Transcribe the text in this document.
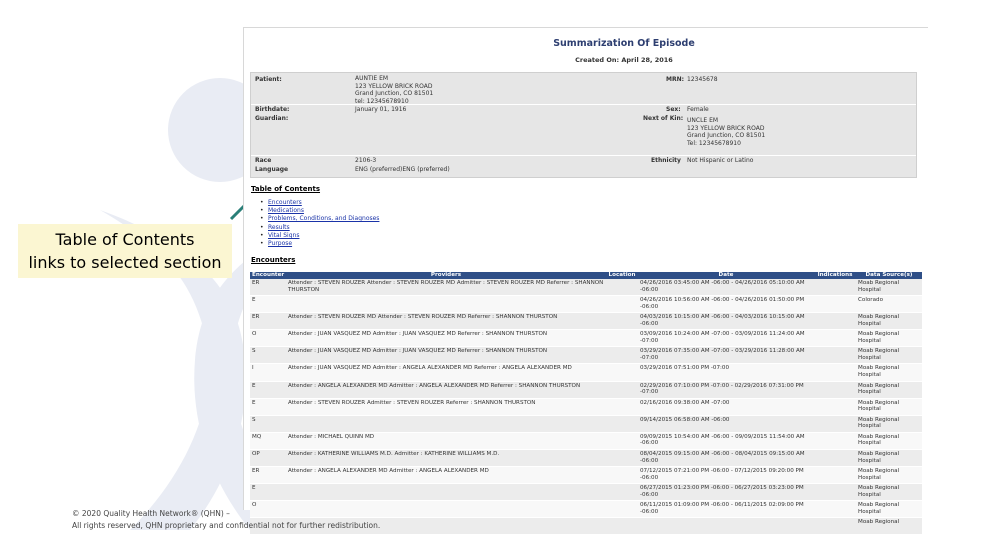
Table of Contents
links to selected section
Summarization Of Episode
Created On: April 28, 2016
Patient:	AUNTIE EM
123 YELLOW BRICK ROAD
Grand Junction, CO 81501
tel: 12345678910
MRN: 12345678
Birthdate:	January 01, 1916	Sex: Female
Guardian:	Next of Kin: UNCLE EM
123 YELLOW BRICK ROAD
Grand Junction, CO 81501
Tel: 12345678910
Race	2106-3	Ethnicity Not Hispanic or Latino
Language	ENG (preferred)ENG (preferred)
Table of Contents
• Encounters
• Medications
• Problems, Conditions, and Diagnoses
• Results
• Vital Signs
• Purpose
Encounters
Encounter	Providers	Location	Date	Indications	Data Source(s)
ER	Attender : STEVEN ROUZER Attender : STEVEN ROUZER MD Admitter : STEVEN ROUZER MD Referrer : SHANNON THURSTON		04/26/2016 03:45:00 AM -06:00 - 04/26/2016 05:10:00 AM -06:00		Moab Regional Hospital
E			04/26/2016 10:56:00 AM -06:00 - 04/26/2016 01:50:00 PM -06:00		Colorado
ER	Attender : STEVEN ROUZER MD Attender : STEVEN ROUZER MD Referrer : SHANNON THURSTON		04/03/2016 10:15:00 AM -06:00 - 04/03/2016 10:15:00 AM -06:00		Moab Regional Hospital
O	Attender : JUAN VASQUEZ MD Admitter : JUAN VASQUEZ MD Referrer : SHANNON THURSTON		03/09/2016 10:24:00 AM -07:00 - 03/09/2016 11:24:00 AM -07:00		Moab Regional Hospital
S	Attender : JUAN VASQUEZ MD Admitter : JUAN VASQUEZ MD Referrer : SHANNON THURSTON		03/29/2016 07:35:00 AM -07:00 - 03/29/2016 11:28:00 AM -07:00		Moab Regional Hospital
I	Attender : JUAN VASQUEZ MD Admitter : ANGELA ALEXANDER MD Referrer : ANGELA ALEXANDER MD		03/29/2016 07:51:00 PM -07:00		Moab Regional Hospital
E	Attender : ANGELA ALEXANDER MD Admitter : ANGELA ALEXANDER MD Referrer : SHANNON THURSTON		02/29/2016 07:10:00 PM -07:00 - 02/29/2016 07:31:00 PM -07:00		Moab Regional Hospital
E	Attender : STEVEN ROUZER Admitter : STEVEN ROUZER Referrer : SHANNON THURSTON		02/16/2016 09:38:00 AM -07:00		Moab Regional Hospital
S			09/14/2015 06:58:00 AM -06:00		Moab Regional Hospital
MQ	Attender : MICHAEL QUINN MD		09/09/2015 10:54:00 AM -06:00 - 09/09/2015 11:54:00 AM -06:00		Moab Regional Hospital
OP	Attender : KATHERINE WILLIAMS M.D. Admitter : KATHERINE WILLIAMS M.D.		08/04/2015 09:15:00 AM -06:00 - 08/04/2015 09:15:00 AM -06:00		Moab Regional Hospital
ER	Attender : ANGELA ALEXANDER MD Admitter : ANGELA ALEXANDER MD		07/12/2015 07:21:00 PM -06:00 - 07/12/2015 09:20:00 PM -06:00		Moab Regional Hospital
E			06/27/2015 01:23:00 PM -06:00 - 06/27/2015 03:23:00 PM -06:00		Moab Regional Hospital
O			06/11/2015 01:09:00 PM -06:00 - 06/11/2015 02:09:00 PM -06:00		Moab Regional Hospital
					Moab Regional
© 2020 Quality Health Network® (QHN) –
All rights reserved, QHN proprietary and confidential not for further redistribution.
